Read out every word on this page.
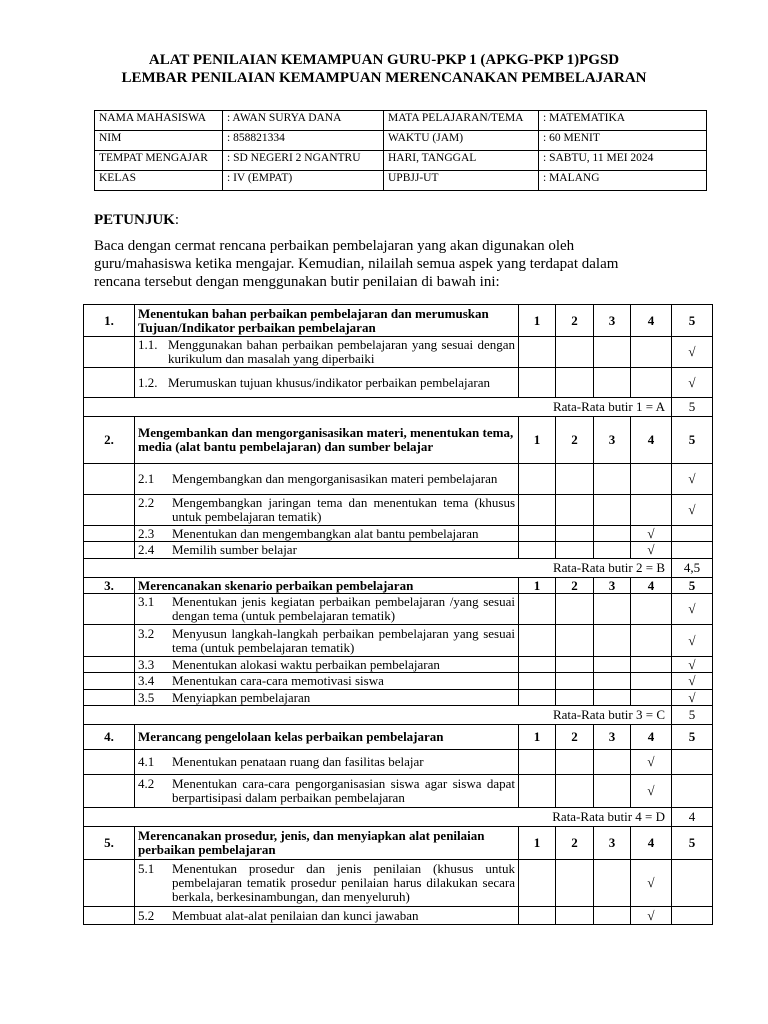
ALAT PENILAIAN KEMAMPUAN GURU-PKP 1 (APKG-PKP 1)PGSD
LEMBAR PENILAIAN KEMAMPUAN MERENCANAKAN PEMBELAJARAN
NAMA MAHASISWA	: AWAN SURYA DANA	MATA PELAJARAN/TEMA	: MATEMATIKA
NIM	: 858821334	WAKTU (JAM)	: 60 MENIT
TEMPAT MENGAJAR	: SD NEGERI 2 NGANTRU	HARI, TANGGAL	: SABTU, 11 MEI 2024
KELAS	: IV (EMPAT)	UPBJJ-UT	: MALANG
PETUNJUK:
Baca dengan cermat rencana perbaikan pembelajaran yang akan digunakan oleh guru/mahasiswa ketika mengajar. Kemudian, nilailah semua aspek yang terdapat dalam rencana tersebut dengan menggunakan butir penilaian di bawah ini:
1.	Menentukan bahan perbaikan pembelajaran dan merumuskan Tujuan/Indikator perbaikan pembelajaran	1	2	3	4	5

	1.1. Menggunakan bahan perbaikan pembelajaran yang sesuai dengan kurikulum dan masalah yang diperbaiki					√

	1.2. Merumuskan tujuan khusus/indikator perbaikan pembelajaran					√
Rata-Rata butir 1 = A						5
2.	Mengembankan dan mengorganisasikan materi, menentukan tema, media (alat bantu pembelajaran) dan sumber belajar	1	2	3	4	5

	2.1 Mengembangkan dan mengorganisasikan materi pembelajaran					√

	2.2 Mengembangkan jaringan tema dan menentukan tema (khusus untuk pembelajaran tematik)					√

	2.3 Menentukan dan mengembangkan alat bantu pembelajaran				√	

	2.4 Memilih sumber belajar				√	
Rata-Rata butir 2 = B						4,5
3.	Merencanakan skenario perbaikan pembelajaran	1	2	3	4	5

	3.1 Menentukan jenis kegiatan perbaikan pembelajaran /yang sesuai dengan tema (untuk pembelajaran tematik)					√

	3.2 Menyusun langkah-langkah perbaikan pembelajaran yang sesuai tema (untuk pembelajaran tematik)					√

	3.3 Menentukan alokasi waktu perbaikan pembelajaran					√

	3.4 Menentukan cara-cara memotivasi siswa					√

	3.5 Menyiapkan pembelajaran					√
Rata-Rata butir 3 = C						5
4.	Merancang pengelolaan kelas perbaikan pembelajaran	1	2	3	4	5

	4.1 Menentukan penataan ruang dan fasilitas belajar				√	

	4.2 Menentukan cara-cara pengorganisasian siswa agar siswa dapat berpartisipasi dalam perbaikan pembelajaran				√	
Rata-Rata butir 4 = D						4
5.	Merencanakan prosedur, jenis, dan menyiapkan alat penilaian perbaikan pembelajaran	1	2	3	4	5

	5.1 Menentukan prosedur dan jenis penilaian (khusus untuk pembelajaran tematik prosedur penilaian harus dilakukan secara berkala, berkesinambungan, dan menyeluruh)				√	

	5.2 Membuat alat-alat penilaian dan kunci jawaban				√	
